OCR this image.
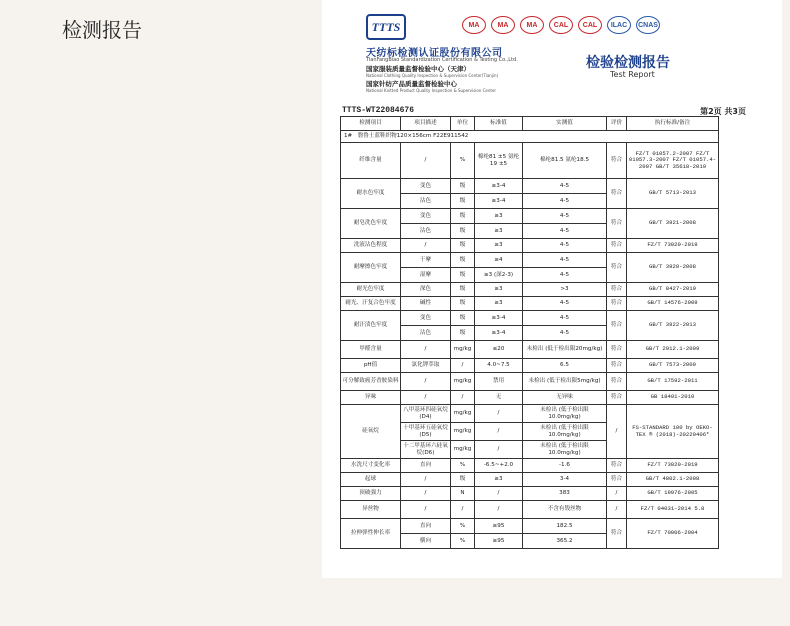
检测报告	TTTS	MA	MA	MA	CAL	CAL	ILAC	CNAS
天纺标检测认证股份有限公司
TianFangBiao Standardization Certification & Testing Co.,Ltd.
国家服装质量监督检验中心（天津）
National Clothing Quality Inspection & Supervision Center(Tianjin)
国家针纺产品质量监督检验中心
National Knitted Product Quality Inspection & Supervision Center
检验检测报告
Test Report
TTTS-WT22084676	第2页 共3页
检测项目	项目描述	单位	标准值	实测值	评价	执行标准/备注
1# 磐鲁士蓝鞋织物120×156cm F22E911542						
纤维含量	/	%	棉纶81 ±5 氨纶19 ±5	棉纶81.5 氨纶18.5	符合	FZ/T 01057.2-2007 FZ/T 01057.3-2007 FZ/T 01057.4-2007 GB/T 35618-2019
耐水色牢度	变色	级	≥3-4	4-5	符合	GB/T 5713-2013
	沾色	级	≥3-4	4-5		
耐皂洗色牢度	变色	级	≥3	4-5	符合	GB/T 3921-2008
	沾色	级	≥3	4-5		
洗液沾色程度	/	级	≥3	4-5	符合	FZ/T 73020-2019
耐摩擦色牢度	干摩	级	≥4	4-5	符合	GB/T 3920-2008
	湿摩	级	≥3 (深2-3)	4-5		
耐光色牢度	深色	级	≥3	>3	符合	GB/T 8427-2019
耐光、汗复合色牢度	碱性	级	≥3	4-5	符合	GB/T 14576-2009
耐汗渍色牢度	变色	级	≥3-4	4-5	符合	GB/T 3922-2013
	沾色	级	≥3-4	4-5		
甲醛含量	/	mg/kg	≤20	未检出 (低于检出限20mg/kg)	符合	GB/T 2912.1-2009
pH值	氯化钾萃取	/	4.0~7.5	6.5	符合	GB/T 7573-2009
可分解致癌芳香胺染料	/	mg/kg	禁用	未检出 (低于检出限5mg/kg)	符合	GB/T 17592-2011
异味	/	/	无	无异味	符合	GB 18401-2010
硅氧烷	八甲基环四硅氧烷(D4)	mg/kg	/	未检出 (低于检出限10.0mg/kg)	/	FS-STANDARD 100 by OEKO-TEX ® (2018)-20220406*
	十甲基环五硅氧烷(D5)	mg/kg	/	未检出 (低于检出限10.0mg/kg)		
	十二甲基环六硅氧烷(D6)	mg/kg	/	未检出 (低于检出限10.0mg/kg)		
水洗尺寸变化率	直向	%	-6.5~+2.0	-1.6	符合	FZ/T 73020-2019
起球	/	级	≥3	3-4	符合	GB/T 4802.1-2008
顶破强力	/	N	/	383	/	GB/T 19976-2005
异丝物	/	/	/	不含有毁丝物	/	FZ/T 04031-2014 5.8
拉伸弹性伸长率	直向	%	≥95	182.5	符合	FZ/T 70006-2004
	横向	%	≥95	365.2		
